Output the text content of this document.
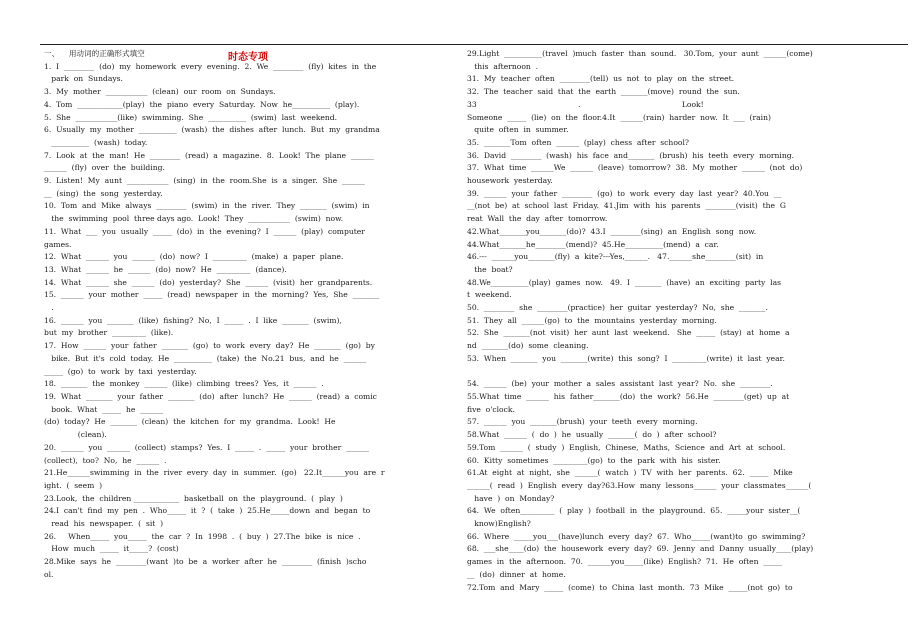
时态专项
一、    用动词的正确形式填空
1.  I  ________  (do)  my  homework  every  evening.  2.  We  ________  (fly)  kites  in  the
park  on  Sundays.
3.  My  mother  ___________  (clean)  our  room  on  Sundays.
4.  Tom  ____________(play)  the  piano  every  Saturday.  Now  he__________  (play).
5.  She  ___________(like)  swimming.  She  __________  (swim)  last  weekend.
6.  Usually  my  mother  __________  (wash)  the  dishes  after  lunch.  But  my  grandma
__________  (wash)  today.
7.  Look  at  the  man!  He  ________  (read)  a  magazine.  8.  Look!  The  plane  ______
______  (fly)  over  the  building.
9.  Listen!  My  aunt  ___________  (sing)  in  the  room.She  is  a  singer.  She  ______
__  (sing)  the  song  yesterday.
10.  Tom  and  Mike  always  ________  (swim)  in  the  river.  They  _______  (swim)  in
the  swimming  pool  three days ago.  Look!  They  ___________  (swim)  now.
11.  What  ___  you  usually  _____  (do)  in  the  evening?  I  ______  (play)  computer
games.
12.  What  ______  you  ______  (do)  now?  I  _________  (make)  a  paper  plane.
13.  What  ______  he  ______  (do)  now?  He  _________  (dance).
14.  What  ______  she  ______  (do)  yesterday?  She  ______  (visit)  her  grandparents.
15.  ______  your  mother  _____  (read)  newspaper  in  the  morning?  Yes,  She  _______
.
16.  ______  you  _______  (like)  fishing?  No,  I  _____  .  I  like  _______  (swim),
but  my  brother  _________  (like).
17.  How  ______  your  father  _______  (go)  to  work  every  day?  He  _______  (go)  by
bike.  But  it's  cold  today.  He  __________  (take)  the  No.21  bus,  and  he  ______
_____  (go)  to  work  by  taxi  yesterday.
18.  _______  the  monkey  ______  (like)  climbing  trees?  Yes,  it  ______  .
19.  What  _______  your  father  _______  (do)  after  lunch?  He  ______  (read)  a  comic
book.  What  _____  he  ______
(do)  today?  He  _______  (clean)  the  kitchen  for  my  grandma.  Look!  He
(clean).
20.  ______  you  ______  (collect)  stamps?  Yes.  I  _____  .  _____  your  brother  ______
(collect),  too?  No,  he  ______  .
21.He______swimming  in  the  river  every  day  in  summer.  (go)   22.It______you  are  r
ight.  (  seem  )
23.Look,  the  children ____________  basketball  on  the  playground.  (  play  )
24.I  can't  find  my  pen  .  Who_____  it  ?  (  take  )  25.He_____down  and  began  to
read  his  newspaper.  (  sit  )
26.     When_____  you_____  the  car  ?  In  1998  .  (  buy  )  27.The  bike  is  nice  .
How  much  _____  it_____?  (cost)
28.Mike  says  he  ________(want  )to  be  a  worker  after  he  ________  (finish  )scho
ol.
29.Light  __________(travel  )much  faster  than  sound.   30.Tom,  your  aunt  ______(come)
this  afternoon  .
31.  My  teacher  often  ________(tell)  us  not  to  play  on  the  street.
32.  The  teacher  said  that  the  earth  _______(move)  round  the  sun.
33                                          .                                          Look!
Someone  _____  (lie)  on  the  floor.4.It  ______(rain)  harder  now.  It  ___  (rain)
quite  often  in  summer.
35.  _______Tom  often  ______  (play)  chess  after  school?
36.  David  ________  (wash)  his  face  and_______  (brush)  his  teeth  every  morning.
37.  What  time  ______We  ______  (leave)  tomorrow?  38.  My  mother  ______  (not  do)
housework  yesterday.
39.  ______  your  father  ________  (go)  to  work  every  day  last  year?  40.You  __
__(not  be)  at  school  last  Friday.  41.Jim  with  his  parents  ________(visit)  the  G
reat  Wall  the  day  after  tomorrow.
42.What_______you_______(do)?  43.I  ________(sing)  an  English  song  now.
44.What_______he________(mend)?  45.He__________(mend)  a  car.
46.---  ______you_______(fly)  a  kite?---Yes,______.   47.______she________(sit)  in
the  boat?
48.We__________(play)  games  now.   49.  I  _______  (have)  an  exciting  party  las
t  weekend.
50.  ________  she  ________(practice)  her  guitar  yesterday?  No,  she  _______.
51.  They  all  ______(go)  to  the  mountains  yesterday  morning.
52.  She  _______(not  visit)  her  aunt  last  weekend.   She  _____  (stay)  at  home  a
nd  _______(do)  some  cleaning.
53.  When  _______  you  _______(write)  this  song?  I  _________(write)  it  last  year.

54.  ______  (be)  your  mother  a  sales  assistant  last  year?  No.  she  ________.
55.What  time  ______  his  father_______(do)  the  work?  56.He  ________(get)  up  at
five  o'clock.
57.  ______  you  _______(brush)  your  teeth  every  morning.
58.What  ______  (  do  )  he  usually  _______(  do  )  after  school?
59.Tom  ______  (  study  )  English,  Chinese,  Maths,  Science  and  Art  at  school.
60.  Kitty  sometimes  _________(go)  to  the  park  with  his  sister.
61.At  eight  at  night,  she  ______(  watch  )  TV  with  her  parents.  62.  _____  Mike
______(  read  )  English  every  day?63.How  many  lessons______  your  classmates______(
have  )  on  Monday?
64.  We  often_________  (  play  )  football  in  the  playground.  65.  _____your  sister__(
know)English?
66.  Where  _____you___(have)lunch  every  day?  67.  Who_____(want)to  go  swimming?
68.  ___she____(do)  the  housework  every  day?  69.  Jenny  and  Danny  usually____(play)
games  in  the  afternoon.  70.  ______you_____(like)  English?  71.  He  often  _____
__  (do)  dinner  at  home.
72.Tom  and  Mary  _____  (come)  to  China  last  month.  73  Mike  _____(not  go)  to
